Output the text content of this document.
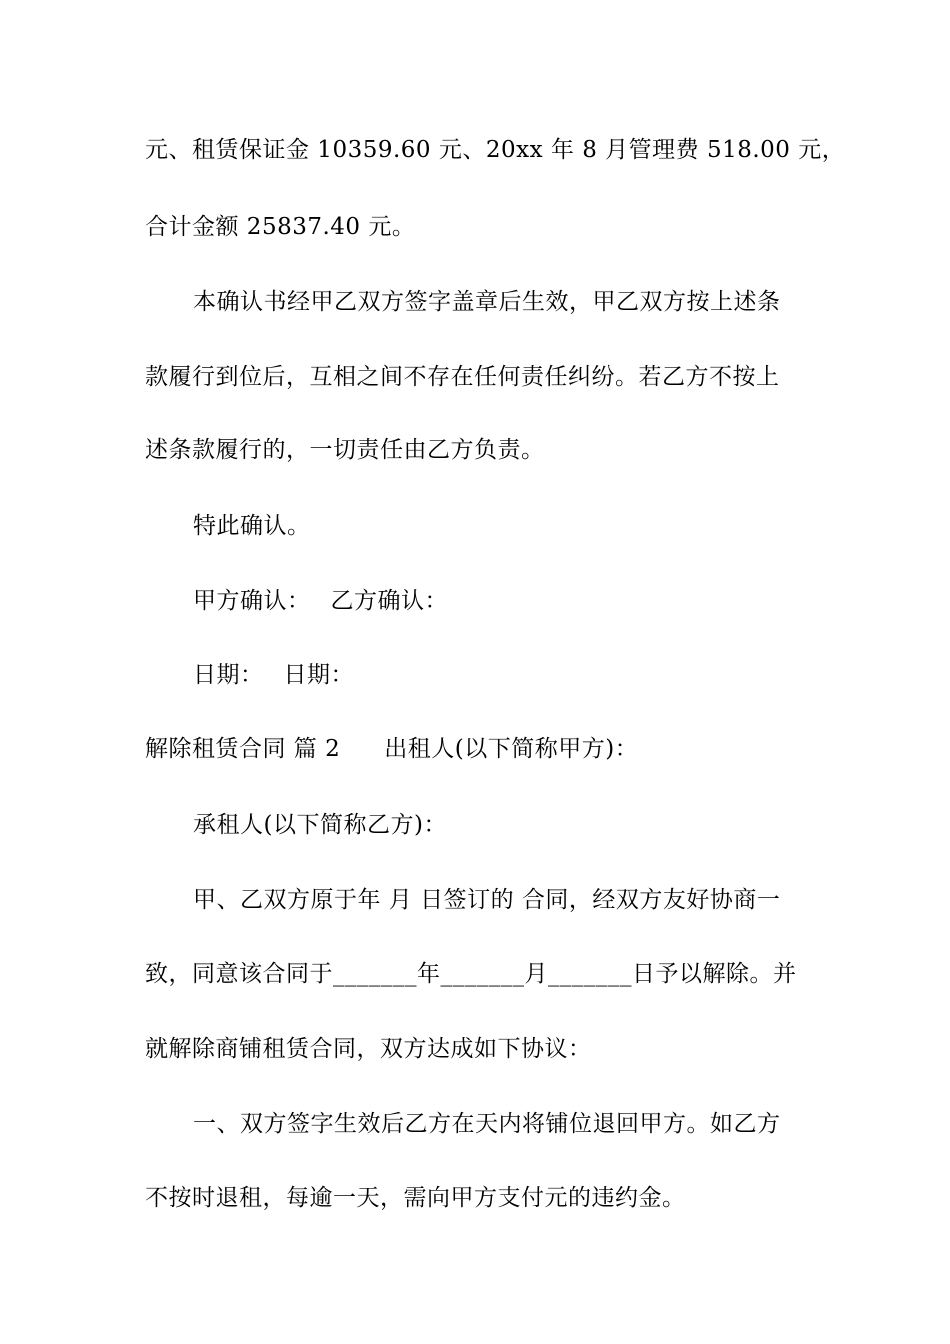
元、租赁保证金 10359.60 元、20xx 年 8 月管理费 518.00 元，
合计金额 25837.40 元。
本确认书经甲乙双方签字盖章后生效，甲乙双方按上述条
款履行到位后，互相之间不存在任何责任纠纷。若乙方不按上
述条款履行的，一切责任由乙方负责。
特此确认。
甲方确认： 乙方确认：
日期： 日期：
解除租赁合同 篇 2 出租人(以下简称甲方)：
承租人(以下简称乙方)：
甲、乙双方原于年 月 日签订的 合同，经双方友好协商一
致，同意该合同于_______年_______月_______日予以解除。并
就解除商铺租赁合同，双方达成如下协议：
一、双方签字生效后乙方在天内将铺位退回甲方。如乙方
不按时退租，每逾一天，需向甲方支付元的违约金。
